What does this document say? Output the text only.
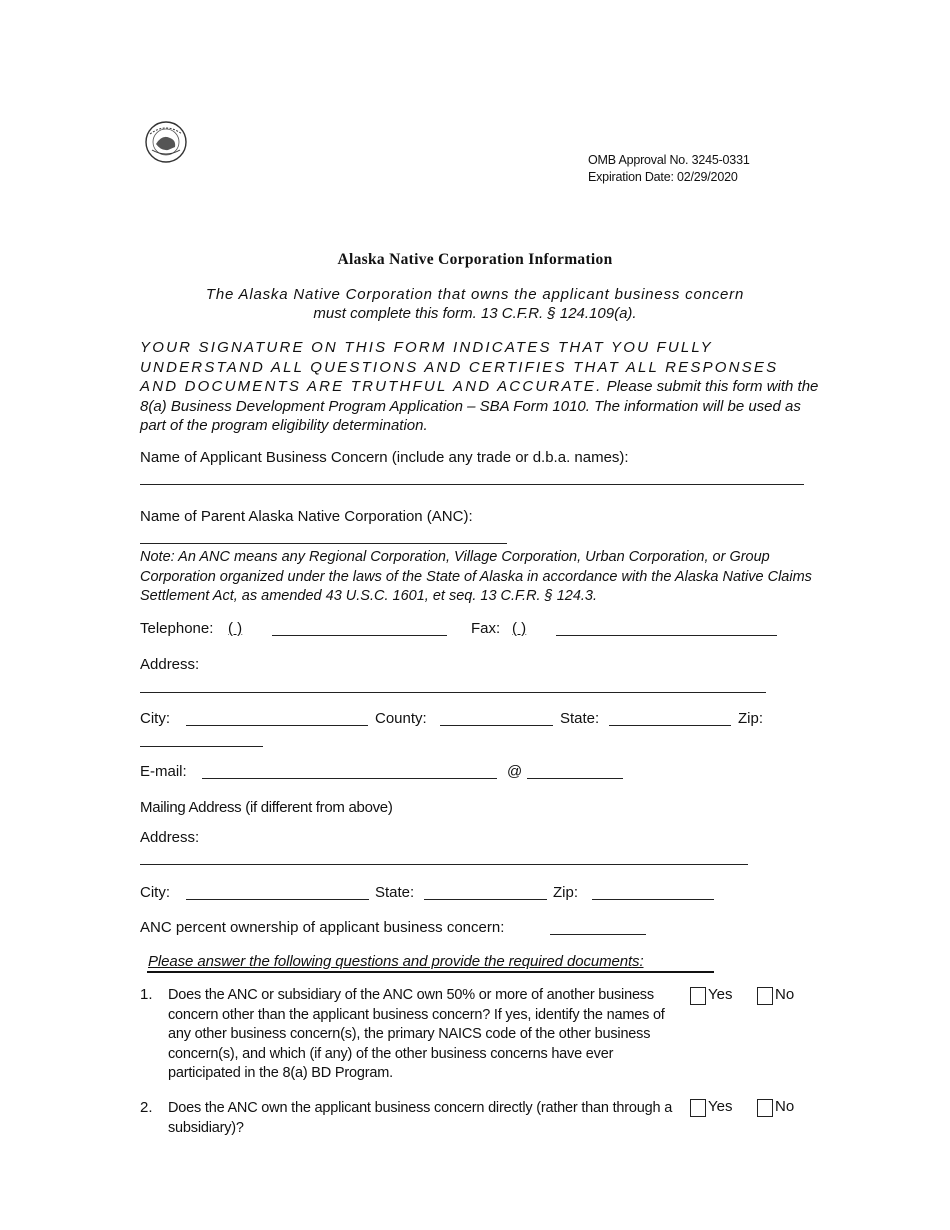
OMB Approval No. 3245-0331
Expiration Date: 02/29/2020
Alaska Native Corporation Information
The Alaska Native Corporation that owns the applicant business concern
must complete this form. 13 C.F.R. § 124.109(a).
YOUR SIGNATURE ON THIS FORM INDICATES THAT YOU FULLY UNDERSTAND ALL QUESTIONS AND CERTIFIES THAT ALL RESPONSES AND DOCUMENTS ARE TRUTHFUL AND ACCURATE. Please submit this form with the 8(a) Business Development Program Application – SBA Form 1010. The information will be used as part of the program eligibility determination.
Name of Applicant Business Concern (include any trade or d.b.a. names):
Name of Parent Alaska Native Corporation (ANC):
Note: An ANC means any Regional Corporation, Village Corporation, Urban Corporation, or Group Corporation organized under the laws of the State of Alaska in accordance with the Alaska Native Claims Settlement Act, as amended 43 U.S.C. 1601, et seq. 13 C.F.R. § 124.3.
Telephone: ( )	Fax: ( )
Address:
City:	County:	State:	Zip:
E-mail:	@
Mailing Address (if different from above)
Address:
City:	State:	Zip:
ANC percent ownership of applicant business concern:
Please answer the following questions and provide the required documents:
1. Does the ANC or subsidiary of the ANC own 50% or more of another business concern other than the applicant business concern? If yes, identify the names of any other business concern(s), the primary NAICS code of the other business concern(s), and which (if any) of the other business concerns have ever participated in the 8(a) BD Program.
Yes	No
2. Does the ANC own the applicant business concern directly (rather than through a subsidiary)?
Yes	No
